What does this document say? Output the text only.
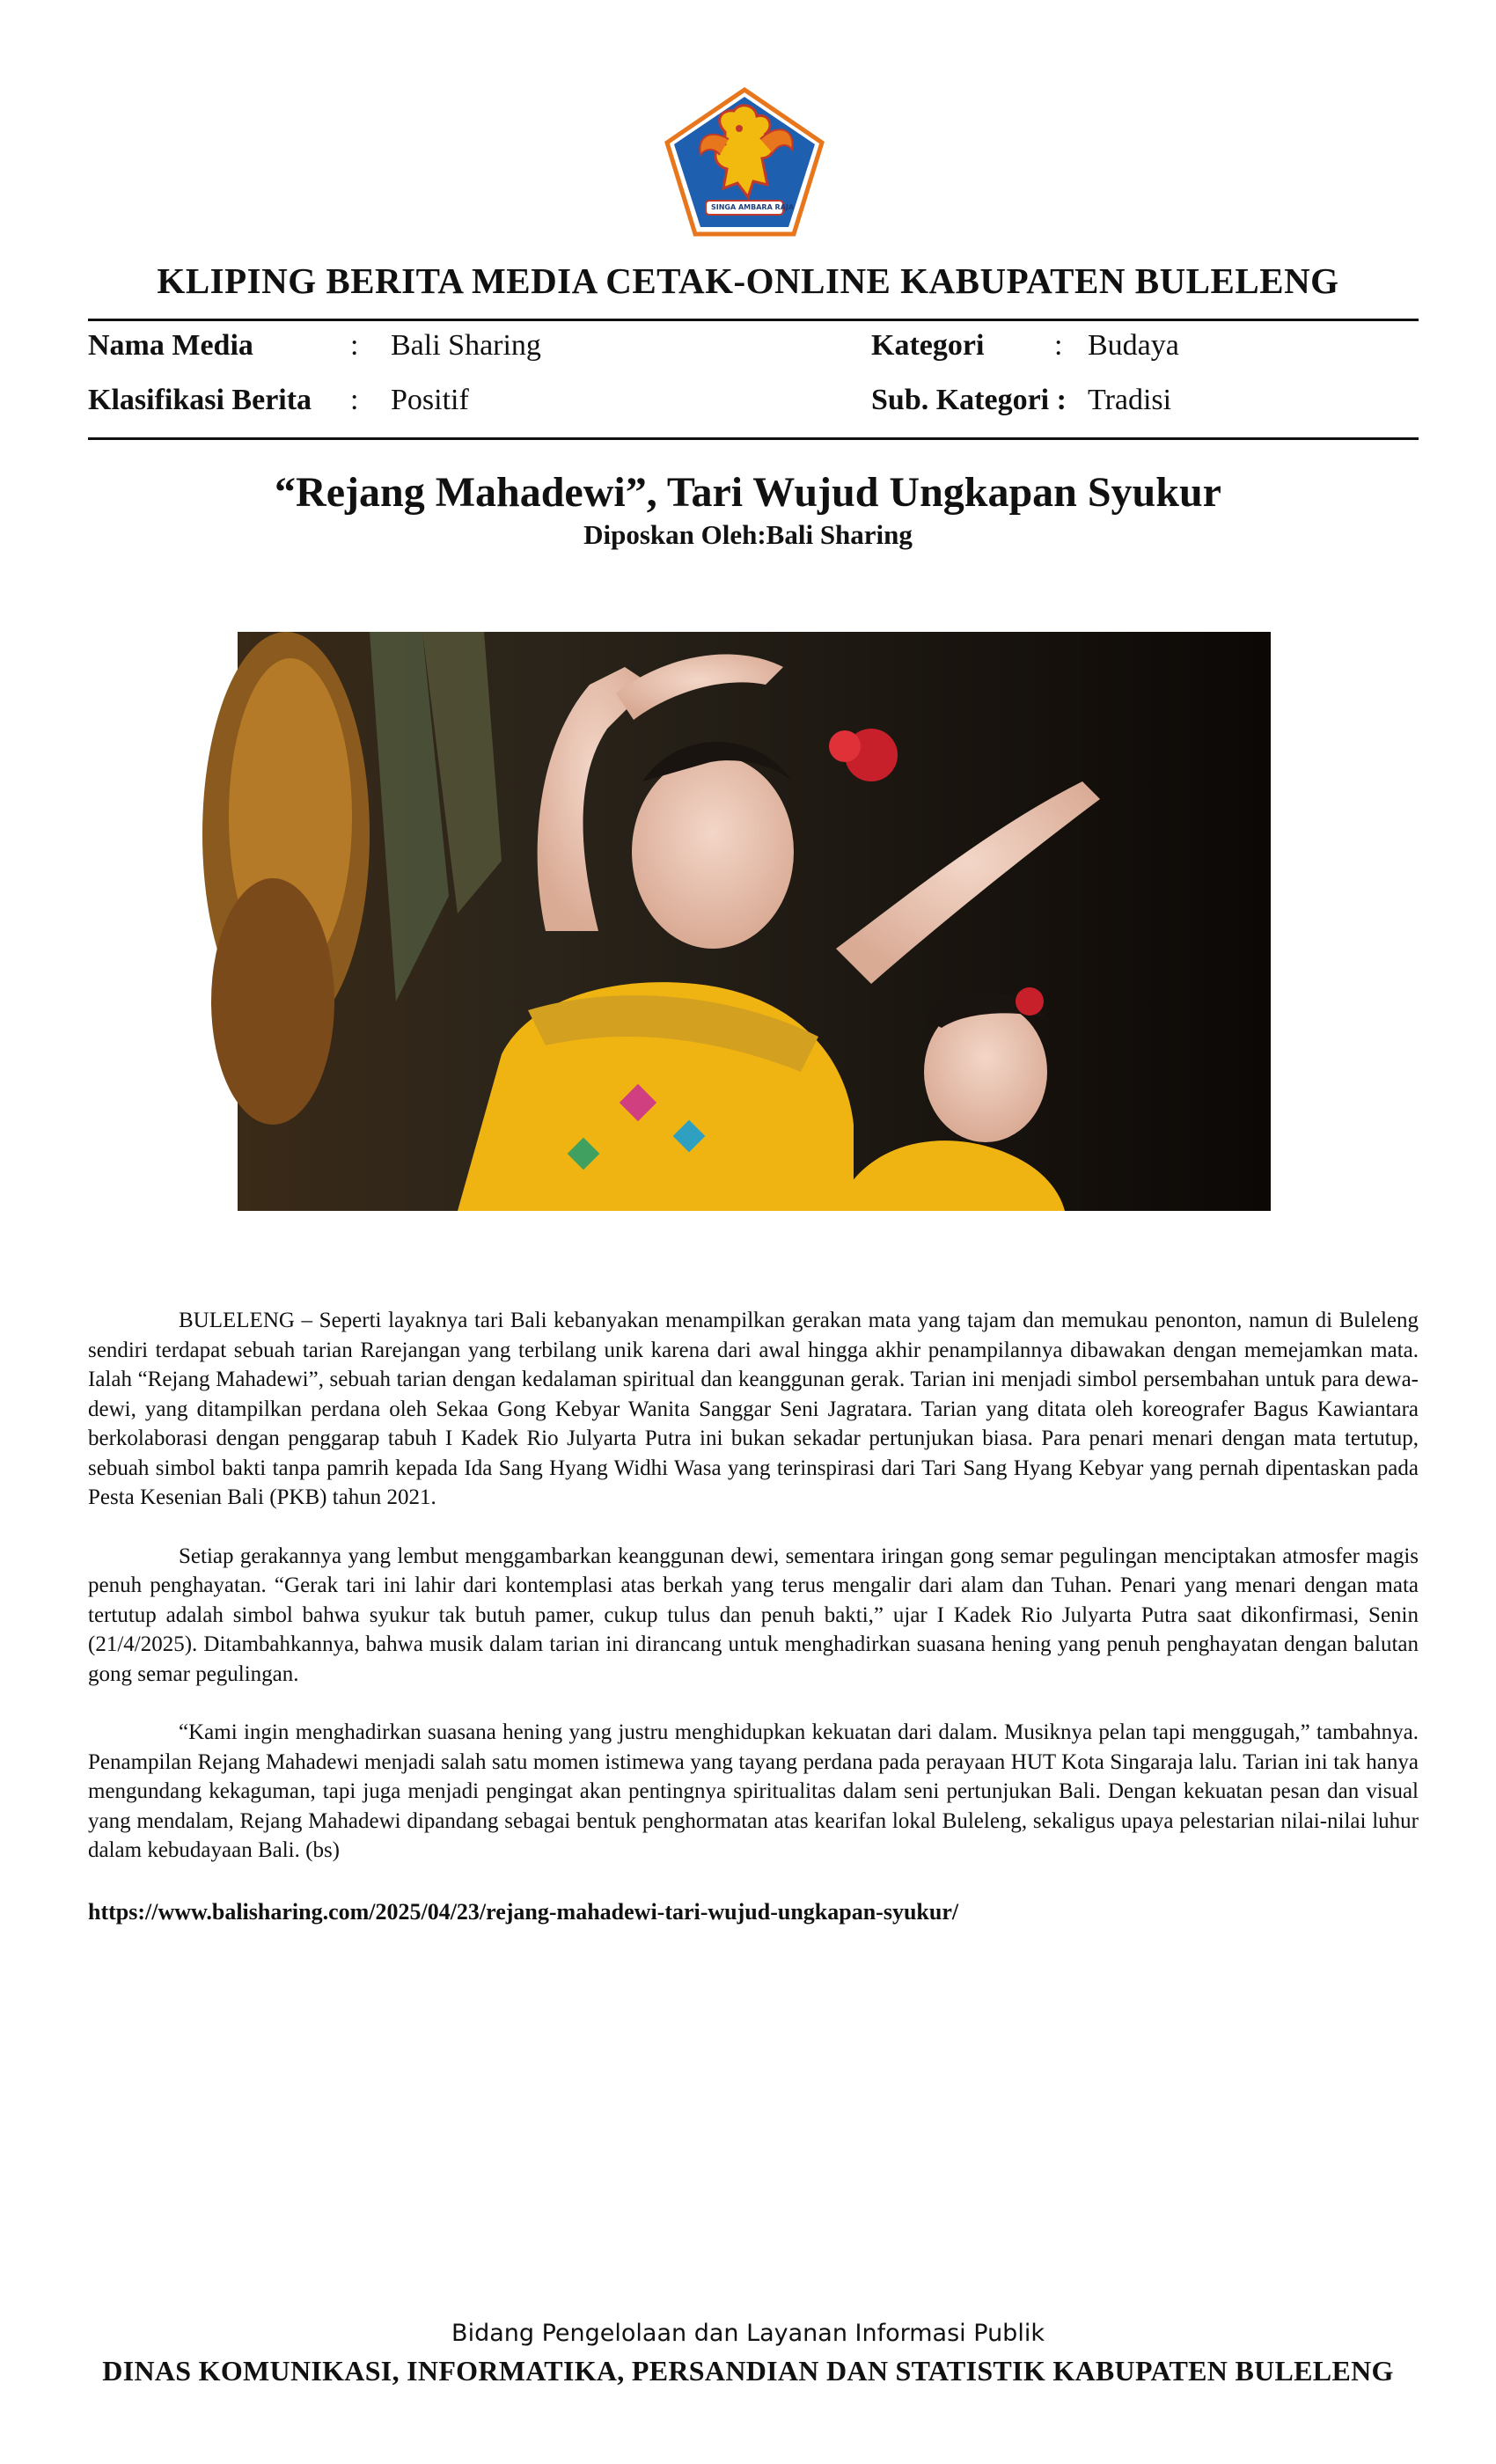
SINGA AMBARA RAJA
KLIPING BERITA MEDIA CETAK-ONLINE KABUPATEN BULELENG
Nama Media	: Bali Sharing	Kategori : Budaya
Klasifikasi Berita : Positif	Sub. Kategori : Tradisi
“Rejang Mahadewi”, Tari Wujud Ungkapan Syukur
Diposkan Oleh:Bali Sharing

BULELENG – Seperti layaknya tari Bali kebanyakan menampilkan gerakan mata yang tajam dan memukau penonton, namun di Buleleng sendiri terdapat sebuah tarian Rarejangan yang terbilang unik karena dari awal hingga akhir penampilannya dibawakan dengan memejamkan mata. Ialah “Rejang Mahadewi”, sebuah tarian dengan kedalaman spiritual dan keanggunan gerak. Tarian ini menjadi simbol persembahan untuk para dewa-dewi, yang ditampilkan perdana oleh Sekaa Gong Kebyar Wanita Sanggar Seni Jagratara. Tarian yang ditata oleh koreografer Bagus Kawiantara berkolaborasi dengan penggarap tabuh I Kadek Rio Julyarta Putra ini bukan sekadar pertunjukan biasa. Para penari menari dengan mata tertutup, sebuah simbol bakti tanpa pamrih kepada Ida Sang Hyang Widhi Wasa yang terinspirasi dari Tari Sang Hyang Kebyar yang pernah dipentaskan pada Pesta Kesenian Bali (PKB) tahun 2021.

Setiap gerakannya yang lembut menggambarkan keanggunan dewi, sementara iringan gong semar pegulingan menciptakan atmosfer magis penuh penghayatan. “Gerak tari ini lahir dari kontemplasi atas berkah yang terus mengalir dari alam dan Tuhan. Penari yang menari dengan mata tertutup adalah simbol bahwa syukur tak butuh pamer, cukup tulus dan penuh bakti,” ujar I Kadek Rio Julyarta Putra saat dikonfirmasi, Senin (21/4/2025). Ditambahkannya, bahwa musik dalam tarian ini dirancang untuk menghadirkan suasana hening yang penuh penghayatan dengan balutan gong semar pegulingan.

“Kami ingin menghadirkan suasana hening yang justru menghidupkan kekuatan dari dalam. Musiknya pelan tapi menggugah,” tambahnya. Penampilan Rejang Mahadewi menjadi salah satu momen istimewa yang tayang perdana pada perayaan HUT Kota Singaraja lalu. Tarian ini tak hanya mengundang kekaguman, tapi juga menjadi pengingat akan pentingnya spiritualitas dalam seni pertunjukan Bali. Dengan kekuatan pesan dan visual yang mendalam, Rejang Mahadewi dipandang sebagai bentuk penghormatan atas kearifan lokal Buleleng, sekaligus upaya pelestarian nilai-nilai luhur dalam kebudayaan Bali. (bs)

https://www.balisharing.com/2025/04/23/rejang-mahadewi-tari-wujud-ungkapan-syukur/
Bidang Pengelolaan dan Layanan Informasi Publik
DINAS KOMUNIKASI, INFORMATIKA, PERSANDIAN DAN STATISTIK KABUPATEN BULELENG
